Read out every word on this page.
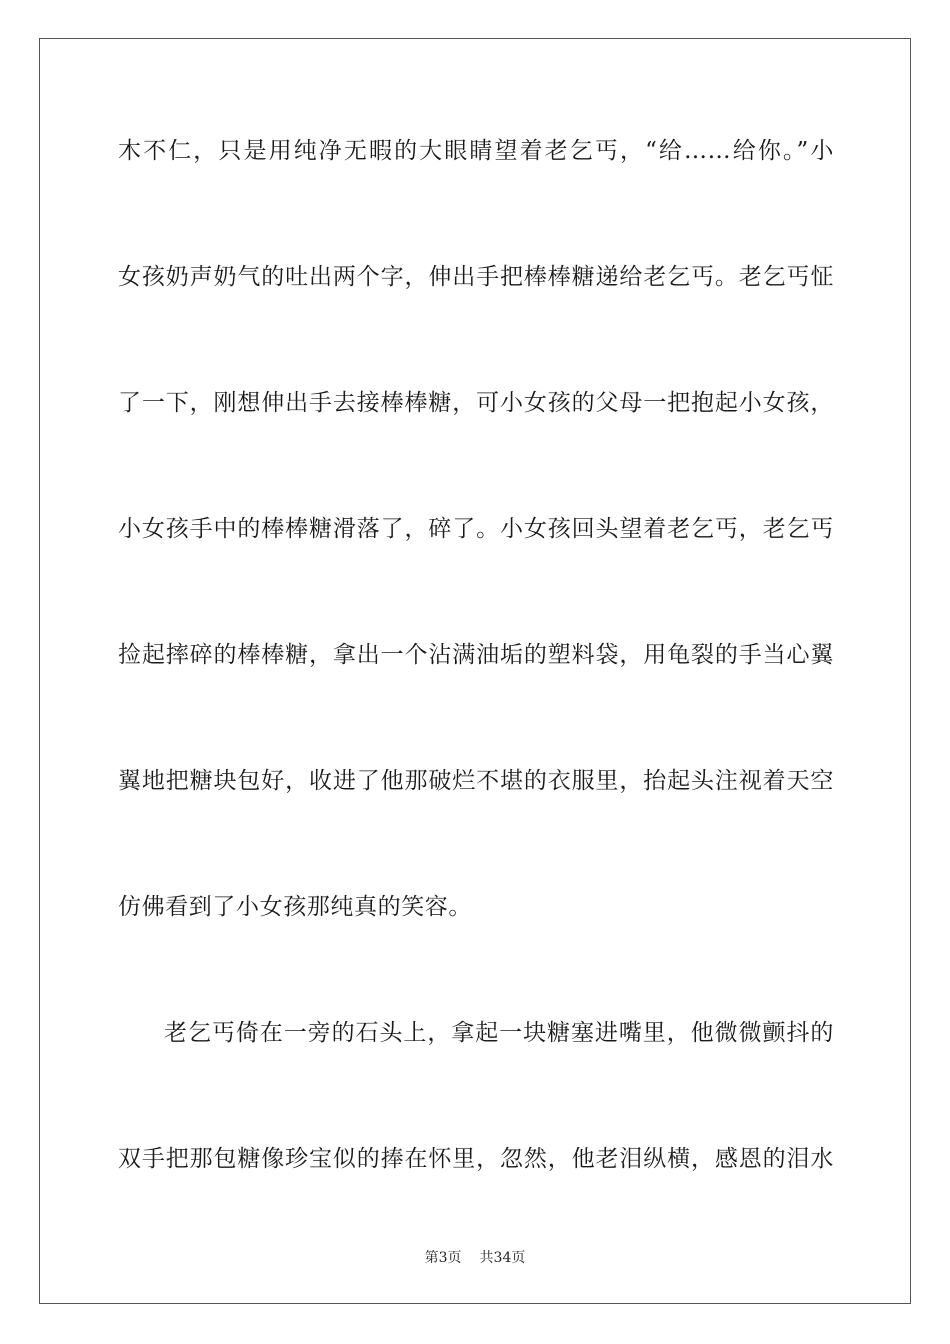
木不仁，只是用纯净无暇的大眼睛望着老乞丐，“给……给你。”小
女孩奶声奶气的吐出两个字，伸出手把棒棒糖递给老乞丐。老乞丐怔
了一下，刚想伸出手去接棒棒糖，可小女孩的父母一把抱起小女孩，
小女孩手中的棒棒糖滑落了，碎了。小女孩回头望着老乞丐，老乞丐
捡起摔碎的棒棒糖，拿出一个沾满油垢的塑料袋，用龟裂的手当心翼
翼地把糖块包好，收进了他那破烂不堪的衣服里，抬起头注视着天空
仿佛看到了小女孩那纯真的笑容。
老乞丐倚在一旁的石头上，拿起一块糖塞进嘴里，他微微颤抖的
双手把那包糖像珍宝似的捧在怀里，忽然，他老泪纵横，感恩的泪水
第3页 共34页
